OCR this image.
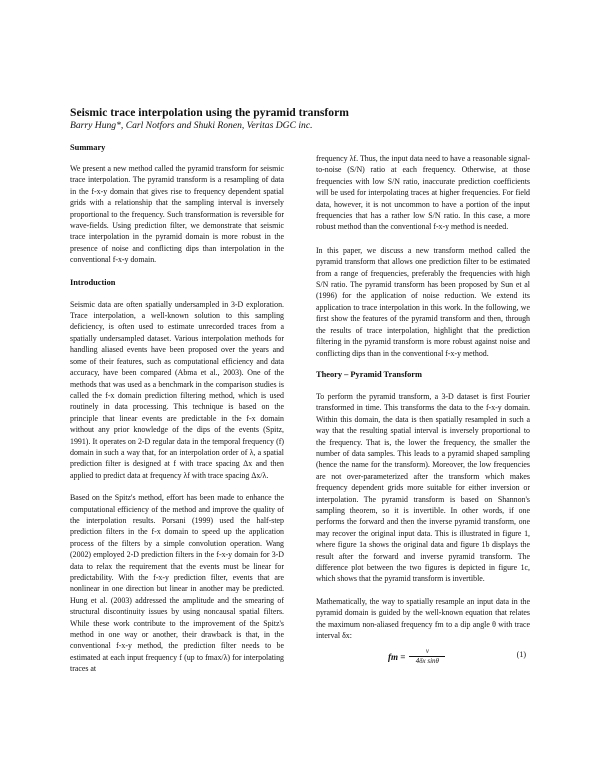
Seismic trace interpolation using the pyramid transform
Barry Hung*, Carl Notfors and Shuki Ronen, Veritas DGC inc.
Summary

We present a new method called the pyramid transform for seismic trace interpolation. The pyramid transform is a resampling of data in the f-x-y domain that gives rise to frequency dependent spatial grids with a relationship that the sampling interval is inversely proportional to the frequency. Such transformation is reversible for wave-fields. Using prediction filter, we demonstrate that seismic trace interpolation in the pyramid domain is more robust in the presence of noise and conflicting dips than interpolation in the conventional f-x-y domain.

Introduction

Seismic data are often spatially undersampled in 3-D exploration. Trace interpolation, a well-known solution to this sampling deficiency, is often used to estimate unrecorded traces from a spatially undersampled dataset. Various interpolation methods for handling aliased events have been proposed over the years and some of their features, such as computational efficiency and data accuracy, have been compared (Abma et al., 2003). One of the methods that was used as a benchmark in the comparison studies is called the f-x domain prediction filtering method, which is used routinely in data processing. This technique is based on the principle that linear events are predictable in the f-x domain without any prior knowledge of the dips of the events (Spitz, 1991). It operates on 2-D regular data in the temporal frequency (f) domain in such a way that, for an interpolation order of λ, a spatial prediction filter is designed at f with trace spacing Δx and then applied to predict data at frequency λf with trace spacing Δx/λ.

Based on the Spitz's method, effort has been made to enhance the computational efficiency of the method and improve the quality of the interpolation results. Porsani (1999) used the half-step prediction filters in the f-x domain to speed up the application process of the filters by a simple convolution operation. Wang (2002) employed 2-D prediction filters in the f-x-y domain for 3-D data to relax the requirement that the events must be linear for predictability. With the f-x-y prediction filter, events that are nonlinear in one direction but linear in another may be predicted. Hung et al. (2003) addressed the amplitude and the smearing of structural discontinuity issues by using noncausal spatial filters. While these work contribute to the improvement of the Spitz's method in one way or another, their drawback is that, in the conventional f-x-y method, the prediction filter needs to be estimated at each input frequency f (up to fmax/λ) for interpolating traces at

frequency λf. Thus, the input data need to have a reasonable signal-to-noise (S/N) ratio at each frequency. Otherwise, at those frequencies with low S/N ratio, inaccurate prediction coefficients will be used for interpolating traces at higher frequencies. For field data, however, it is not uncommon to have a portion of the input frequencies that has a rather low S/N ratio. In this case, a more robust method than the conventional f-x-y method is needed.

In this paper, we discuss a new transform method called the pyramid transform that allows one prediction filter to be estimated from a range of frequencies, preferably the frequencies with high S/N ratio. The pyramid transform has been proposed by Sun et al (1996) for the application of noise reduction. We extend its application to trace interpolation in this work. In the following, we first show the features of the pyramid transform and then, through the results of trace interpolation, highlight that the prediction filtering in the pyramid transform is more robust against noise and conflicting dips than in the conventional f-x-y method.

Theory – Pyramid Transform

To perform the pyramid transform, a 3-D dataset is first Fourier transformed in time. This transforms the data to the f-x-y domain. Within this domain, the data is then spatially resampled in such a way that the resulting spatial interval is inversely proportional to the frequency. That is, the lower the frequency, the smaller the number of data samples. This leads to a pyramid shaped sampling (hence the name for the transform). Moreover, the low frequencies are not over-parameterized after the transform which makes frequency dependent grids more suitable for either inversion or interpolation. The pyramid transform is based on Shannon's sampling theorem, so it is invertible. In other words, if one performs the forward and then the inverse pyramid transform, one may recover the original input data. This is illustrated in figure 1, where figure 1a shows the original data and figure 1b displays the result after the forward and inverse pyramid transform. The difference plot between the two figures is depicted in figure 1c, which shows that the pyramid transform is invertible.

Mathematically, the way to spatially resample an input data in the pyramid domain is guided by the well-known equation that relates the maximum non-aliased frequency fm to a dip angle θ with trace interval δx:

fm = $\frac{v}{\text{4δx sinθ}}$	(1)
